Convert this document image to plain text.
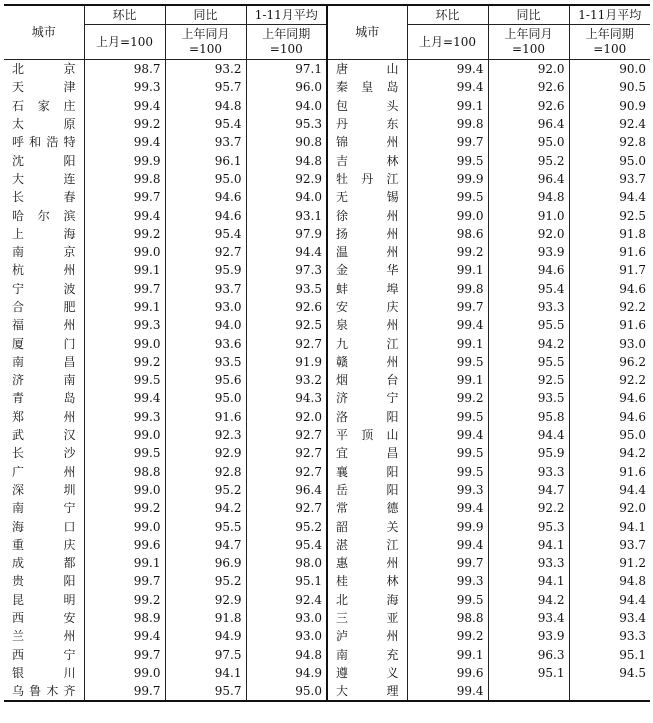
城市	环比	同比	1-11月平均	城市	环比	同比	1-11月平均
	上月=100	上年同月=100	上年同期=100		上月=100	上年同月=100	上年同期=100

北京	98.7	93.2	97.1	唐山	99.4	92.0	90.0

天津	99.3	95.7	96.0	秦皇岛	99.4	92.6	90.5

石家庄	99.4	94.8	94.0	包头	99.1	92.6	90.9

太原	99.2	95.4	95.3	丹东	99.8	96.4	92.4

呼和浩特	99.4	93.7	90.8	锦州	99.7	95.0	92.8

沈阳	99.9	96.1	94.8	吉林	99.5	95.2	95.0

大连	99.8	95.0	92.9	牡丹江	99.9	96.4	93.7

长春	99.7	94.6	94.0	无锡	99.5	94.8	94.4

哈尔滨	99.4	94.6	93.1	徐州	99.0	91.0	92.5

上海	99.2	95.4	97.9	扬州	98.6	92.0	91.8

南京	99.0	92.7	94.4	温州	99.2	93.9	91.6

杭州	99.1	95.9	97.3	金华	99.1	94.6	91.7

宁波	99.7	93.7	93.5	蚌埠	99.8	95.4	94.6

合肥	99.1	93.0	92.6	安庆	99.7	93.3	92.2

福州	99.3	94.0	92.5	泉州	99.4	95.5	91.6

厦门	99.0	93.6	92.7	九江	99.1	94.2	93.0

南昌	99.2	93.5	91.9	赣州	99.5	95.5	96.2

济南	99.5	95.6	93.2	烟台	99.1	92.5	92.2

青岛	99.4	95.0	94.3	济宁	99.2	93.5	94.6

郑州	99.3	91.6	92.0	洛阳	99.5	95.8	94.6

武汉	99.0	92.3	92.7	平顶山	99.4	94.4	95.0

长沙	99.5	92.9	92.7	宜昌	99.5	95.9	94.2

广州	98.8	92.8	92.7	襄阳	99.5	93.3	91.6

深圳	99.0	95.2	96.4	岳阳	99.3	94.7	94.4

南宁	99.2	94.2	92.7	常德	99.4	92.2	92.0

海口	99.0	95.5	95.2	韶关	99.9	95.3	94.1

重庆	99.6	94.7	95.4	湛江	99.4	94.1	93.7

成都	99.1	96.9	98.0	惠州	99.7	93.3	91.2

贵阳	99.7	95.2	95.1	桂林	99.3	94.1	94.8

昆明	99.2	92.9	92.4	北海	99.5	94.2	94.4

西安	98.9	91.8	93.0	三亚	98.8	93.4	93.4

兰州	99.4	94.9	93.0	泸州	99.2	93.9	93.3

西宁	99.7	97.5	94.8	南充	99.1	96.3	95.1

银川	99.0	94.1	94.9	遵义	99.6	95.1	94.5

乌鲁木齐	99.7	95.7	95.0	大理	99.4		
